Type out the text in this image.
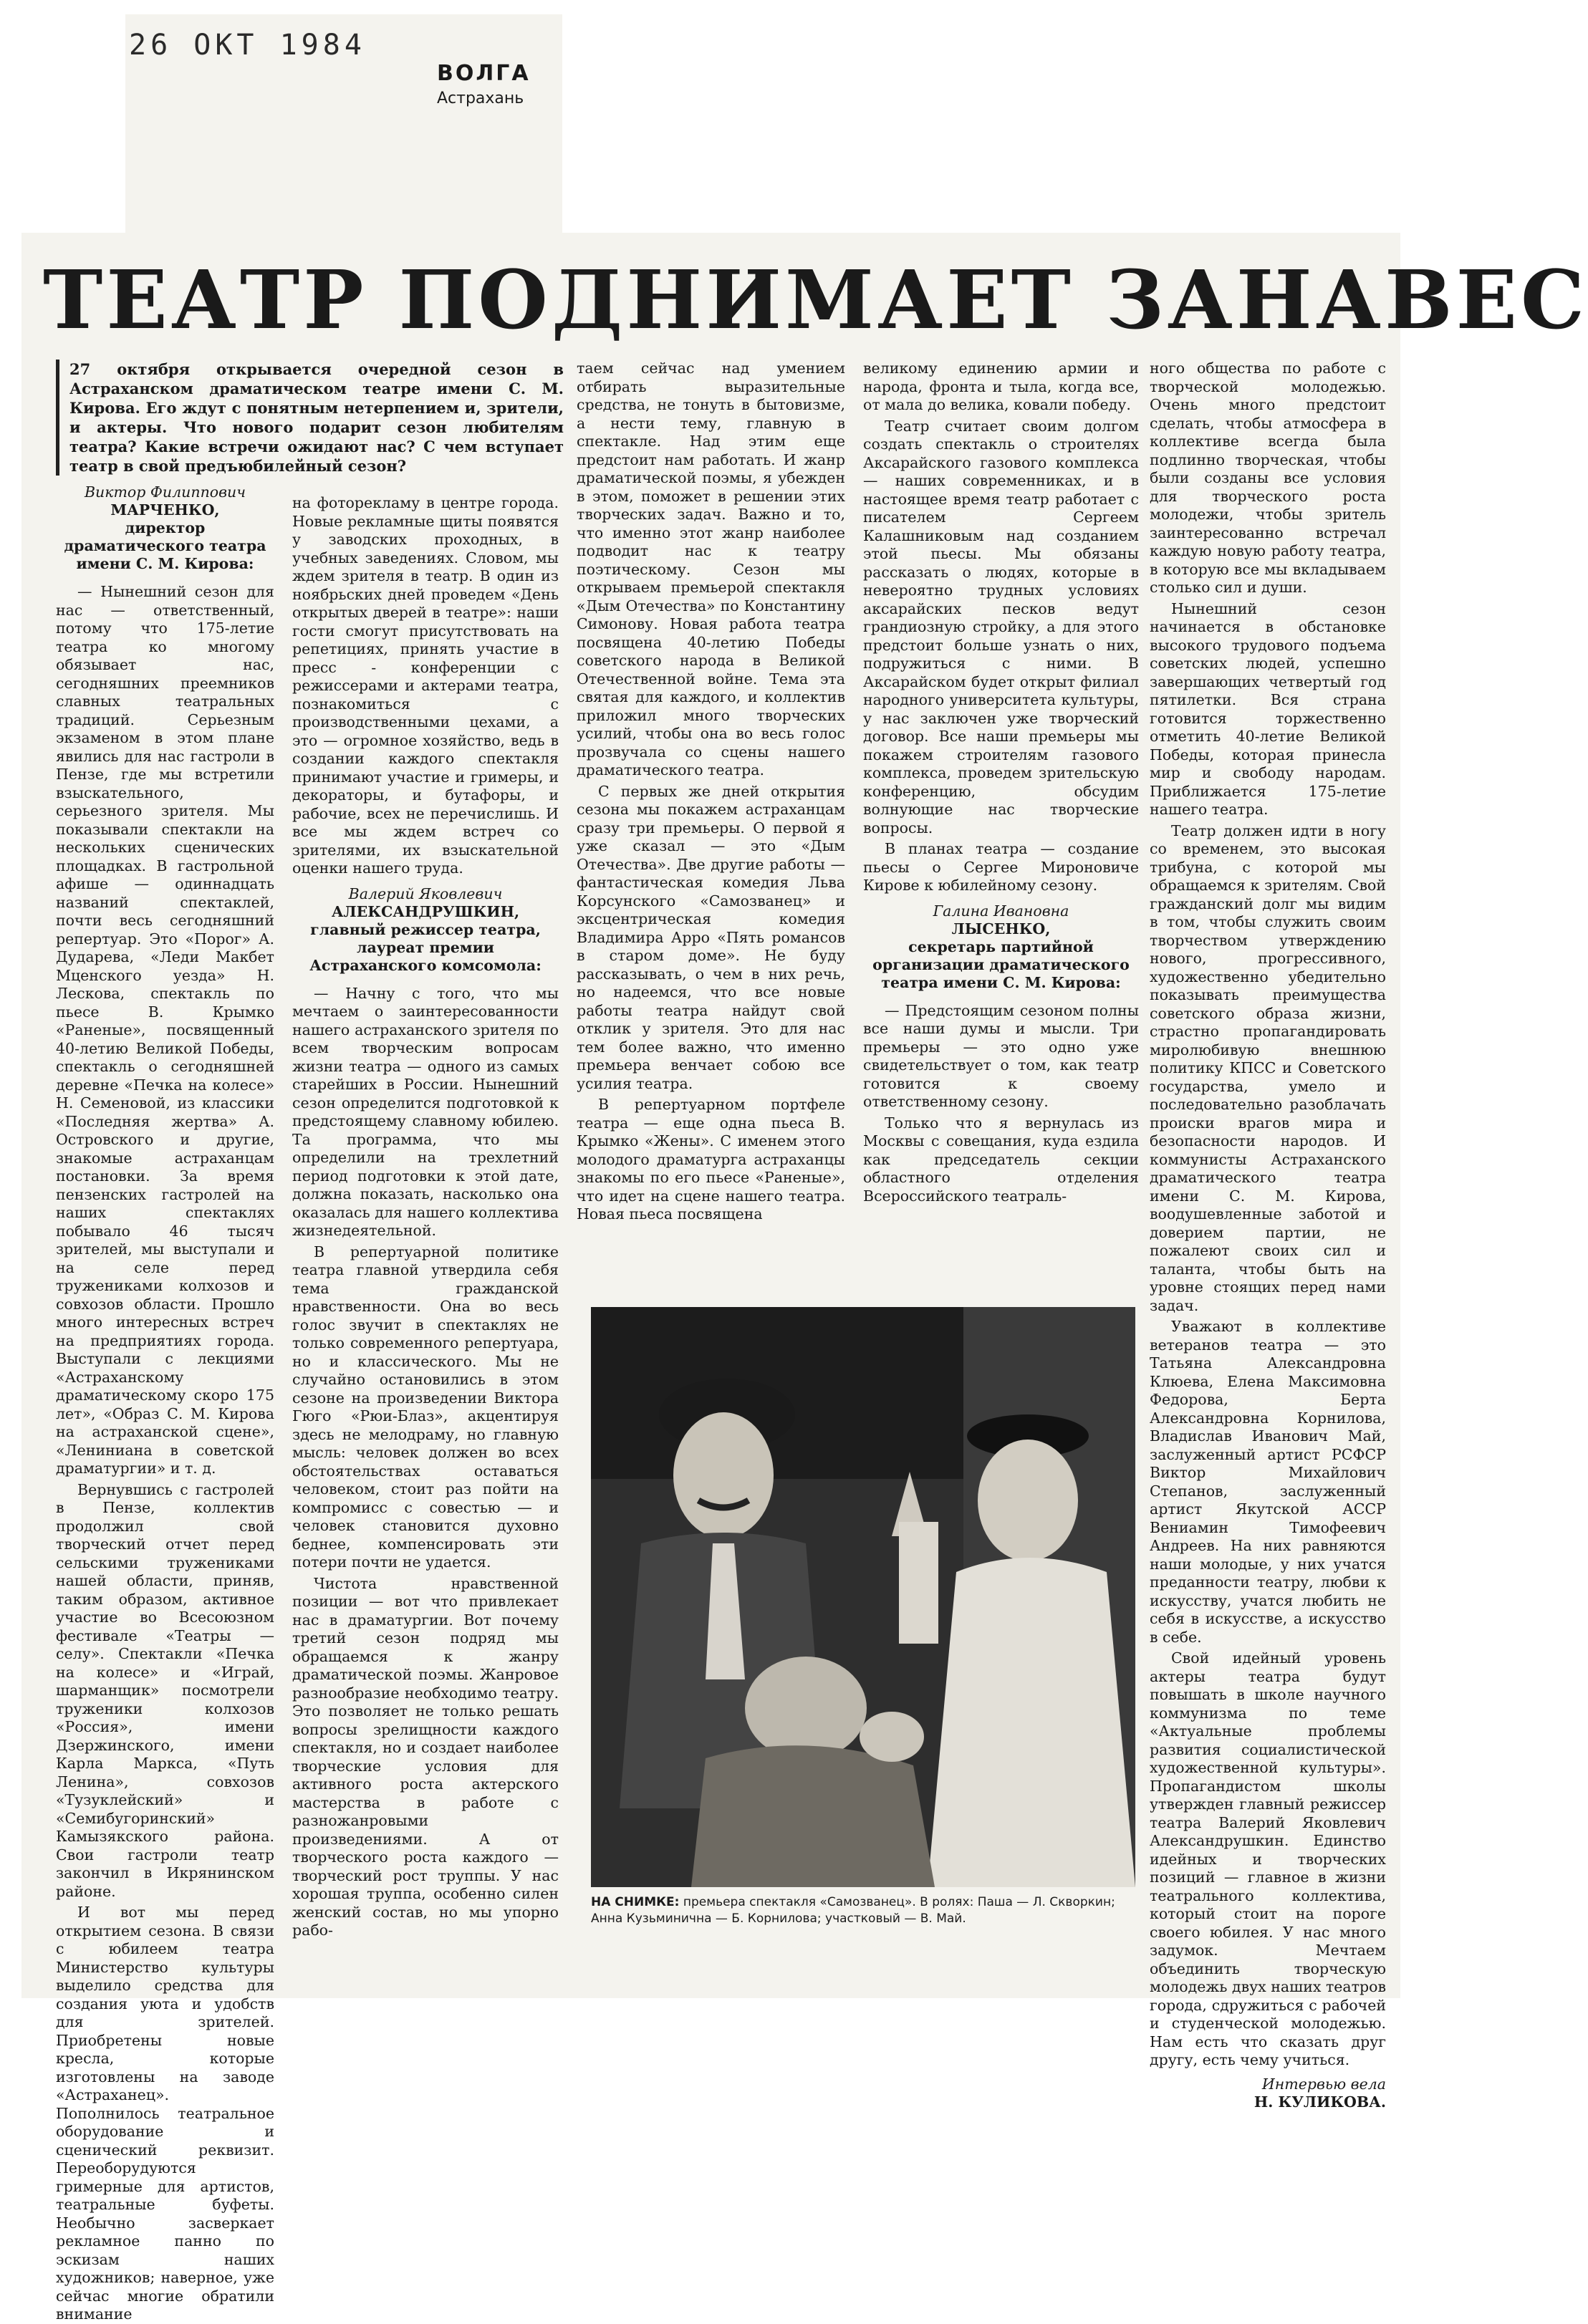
26 ОКТ 1984
ВОЛГА
Астрахань
ТЕАТР ПОДНИМАЕТ ЗАНАВЕС
27 октября открывается очередной сезон в Астраханском драматическом театре имени С. М. Кирова. Его ждут с понятным нетерпением и, зрители, и актеры. Что нового подарит сезон любителям театра? Какие встречи ожидают нас? С чем вступает театр в свой предъюбилейный сезон?
Виктор Филиппович
МАРЧЕНКО,
директор драматического театра имени С. М. Кирова:

— Нынешний сезон для нас — ответственный, потому что 175-летие театра ко многому обязывает нас, сегодняшних преемников славных театральных традиций. Серьезным экзаменом в этом плане явились для нас гастроли в Пензе, где мы встретили взыскательного, серьезного зрителя. Мы показывали спектакли на нескольких сценических площадках. В гастрольной афише — одиннадцать названий спектаклей, почти весь сегодняшний репертуар. Это «Порог» А. Дударева, «Леди Макбет Мценского уезда» Н. Лескова, спектакль по пьесе В. Крымко «Раненые», посвященный 40-летию Великой Победы, спектакль о сегодняшней деревне «Печка на колесе» Н. Семеновой, из классики «Последняя жертва» А. Островского и другие, знакомые астраханцам постановки. За время пензенских гастролей на наших спектаклях побывало 46 тысяч зрителей, мы выступали и на селе перед тружениками колхозов и совхозов области. Прошло много интересных встреч на предприятиях города. Выступали с лекциями «Астраханскому драматическому скоро 175 лет», «Образ С. М. Кирова на астраханской сцене», «Лениниана в советской драматургии» и т. д.

Вернувшись с гастролей в Пензе, коллектив продолжил свой творческий отчет перед сельскими тружениками нашей области, приняв, таким образом, активное участие во Всесоюзном фестивале «Театры — селу». Спектакли «Печка на колесе» и «Играй, шарманщик» посмотрели труженики колхозов «Россия», имени Дзержинского, имени Карла Маркса, «Путь Ленина», совхозов «Тузуклейский» и «Семибугоринский» Камызякского района. Свои гастроли театр закончил в Икрянинском районе.

И вот мы перед открытием сезона. В связи с юбилеем театра Министерство культуры выделило средства для создания уюта и удобств для зрителей. Приобретены новые кресла, которые изготовлены на заводе «Астраханец». Пополнилось театральное оборудование и сценический реквизит. Переоборудуются гримерные для артистов, театральные буфеты. Необычно засверкает рекламное панно по эскизам наших художников; наверное, уже сейчас многие обратили внимание

на фотор​екламу в центре города. Новые рекламные щиты появятся у заводских проходных, в учебных заведениях. Словом, мы ждем зрителя в театр. В один из ноябрьских дней проведем «День открытых дверей в театре»: наши гости смогут присутствовать на репетициях, принять участие в пресс - конференции с режиссерами и актерами театра, познакомиться с производственными цехами, а это — огромное хозяйство, ведь в создании каждого спектакля принимают участие и гримеры, и декораторы, и бутафоры, и рабочие, всех не перечислишь. И все мы ждем встреч со зрителями, их взыскательной оценки нашего труда.

Валерий Яковлевич
АЛЕКСАНДРУШКИН,
главный режиссер театра, лауреат премии Астраханского комсомола:

— Начну с того, что мы мечтаем о заинтересованности нашего астраханского зрителя по всем творческим вопросам жизни театра — одного из самых старейших в России. Нынешний сезон определится подготовкой к предстоящему славному юбилею. Та программа, что мы определили на трехлетний период подготовки к этой дате, должна показать, насколько она оказалась для нашего коллектива жизнедеятельной.

В репертуарной политике театра главной утвердила себя тема гражданской нравственности. Она во весь голос звучит в спектаклях не только современного репертуара, но и классического. Мы не случайно остановились в этом сезоне на произведении Виктора Гюго «Рюи-Блаз», акцентируя здесь не мелодраму, но главную мысль: человек должен во всех обстоятельствах оставаться человеком, стоит раз пойти на компромисс с совестью — и человек становится духовно беднее, компенсировать эти потери почти не удается.

Чистота нравственной позиции — вот что привлекает нас в драматургии. Вот почему третий сезон подряд мы обращаемся к жанру драматической поэмы. Жанровое разнообразие необходимо театру. Это позволяет не только решать вопросы зрелищности каждого спектакля, но и создает наиболее творческие условия для активного роста актерского мастерства в работе с разножанровыми произведениями. А от творческого роста каждого — творческий рост труппы. У нас хорошая труппа, особенно силен женский состав, но мы упорно рабо-

таем сейчас над умением отбирать выразительные средства, не тонуть в бытовизме, а нести тему, главную в спектакле. Над этим еще предстоит нам работать. И жанр драматической поэмы, я убежден в этом, поможет в решении этих творческих задач. Важно и то, что именно этот жанр наиболее подводит нас к театру поэтическому. Сезон мы открываем премьерой спектакля «Дым Отечества» по Константину Симонову. Новая работа театра посвящена 40-летию Победы советского народа в Великой Отечественной войне. Тема эта святая для каждого, и коллектив приложил много творческих усилий, чтобы она во весь голос прозвучала со сцены нашего драматического театра.

С первых же дней открытия сезона мы покажем астраханцам сразу три премьеры. О первой я уже сказал — это «Дым Отечества». Две другие работы — фантастическая комедия Льва Корсунского «Самозванец» и эксцентрическая комедия Владимира Арро «Пять романсов в старом доме». Не буду рассказывать, о чем в них речь, но надеемся, что все новые работы театра найдут свой отклик у зрителя. Это для нас тем более важно, что именно премьера венчает собою все усилия театра.

В репертуарном портфеле театра — еще одна пьеса В. Крымко «Жены». С именем этого молодого драматурга астраханцы знакомы по его пьесе «Раненые», что идет на сцене нашего театра. Новая пьеса посвящена

великому единению армии и народа, фронта и тыла, когда все, от мала до велика, ковали победу.

Театр считает своим долгом создать спектакль о строителях Аксарайского газового комплекса — наших современниках, и в настоящее время театр работает с писателем Сергеем Калашниковым над созданием этой пьесы. Мы обязаны рассказать о людях, которые в невероятно трудных условиях аксарайских песков ведут грандиозную стройку, а для этого предстоит больше узнать о них, подружиться с ними. В Аксарайском будет открыт филиал народного университета культуры, у нас заключен уже творческий договор. Все наши премьеры мы покажем строителям газового комплекса, проведем зрительскую конференцию, обсудим волнующие нас творческие вопросы.

В планах театра — создание пьесы о Сергее Мироновиче Кирове к юбилейному сезону.

Галина Ивановна
ЛЫСЕНКО,
секретарь партийной организации драматического театра имени С. М. Кирова:

— Предстоящим сезоном полны все наши думы и мысли. Три премьеры — это одно уже свидетельствует о том, как театр готовится к своему ответственному сезону.

Только что я вернулась из Москвы с совещания, куда ездила как председатель секции областного отделения Всероссийского театраль-

ного общества по работе с творческой молодежью. Очень много предстоит сделать, чтобы атмосфера в коллективе всегда была подлинно творческая, чтобы были созданы все условия для творческого роста молодежи, чтобы зритель заинтересованно встречал каждую новую работу театра, в которую все мы вкладываем столько сил и души.

Нынешний сезон начинается в обстановке высокого трудового подъема советских людей, успешно завершающих четвертый год пятилетки. Вся страна готовится торжественно отметить 40-летие Великой Победы, которая принесла мир и свободу народам. Приближается 175-летие нашего театра.

Театр должен идти в ногу со временем, это высокая трибуна, с которой мы обращаемся к зрителям. Свой гражданский долг мы видим в том, чтобы служить своим творчеством утверждению нового, прогрессивного, художественно убедительно показывать преимущества советского образа жизни, страстно пропагандировать миролюбивую внешнюю политику КПСС и Советского государства, умело и последовательно разоблачать происки врагов мира и безопасности народов. И коммунисты Астраханского драматического театра имени С. М. Кирова, воодушевленные заботой и доверием партии, не пожалеют своих сил и таланта, чтобы быть на уровне стоящих перед нами задач.

Уважают в коллективе ветеранов театра — это Татьяна Александровна Клюева, Елена Максимовна Федорова, Берта Александровна Корнилова, Владислав Иванович Май, заслуженный артист РСФСР Виктор Михайлович Степанов, заслуженный артист Якутской АССР Вениамин Тимофеевич Андреев. На них равняются наши молодые, у них учатся преданности театру, любви к искусству, учатся любить не себя в искусстве, а искусство в себе.

Свой идейный уровень актеры театра будут повышать в школе научного коммунизма по теме «Актуальные проблемы развития социалистической художественной культуры». Пропагандистом школы утвержден главный режиссер театра Валерий Яковлевич Александрушкин. Единство идейных и творческих позиций — главное в жизни театрального коллектива, который стоит на пороге своего юбилея. У нас много задумок. Мечтаем объединить творческую молодежь двух наших театров города, сдружиться с рабочей и студенческой молодежью. Нам есть что сказать друг другу, есть чему учиться.

Интервью вела
Н. КУЛИКОВА.
НА СНИМКЕ: премьера спектакля «Самозванец». В ролях: Паша — Л. Скворкин; Анна Кузьминична — Б. Корнилова; участковый — В. Май.
